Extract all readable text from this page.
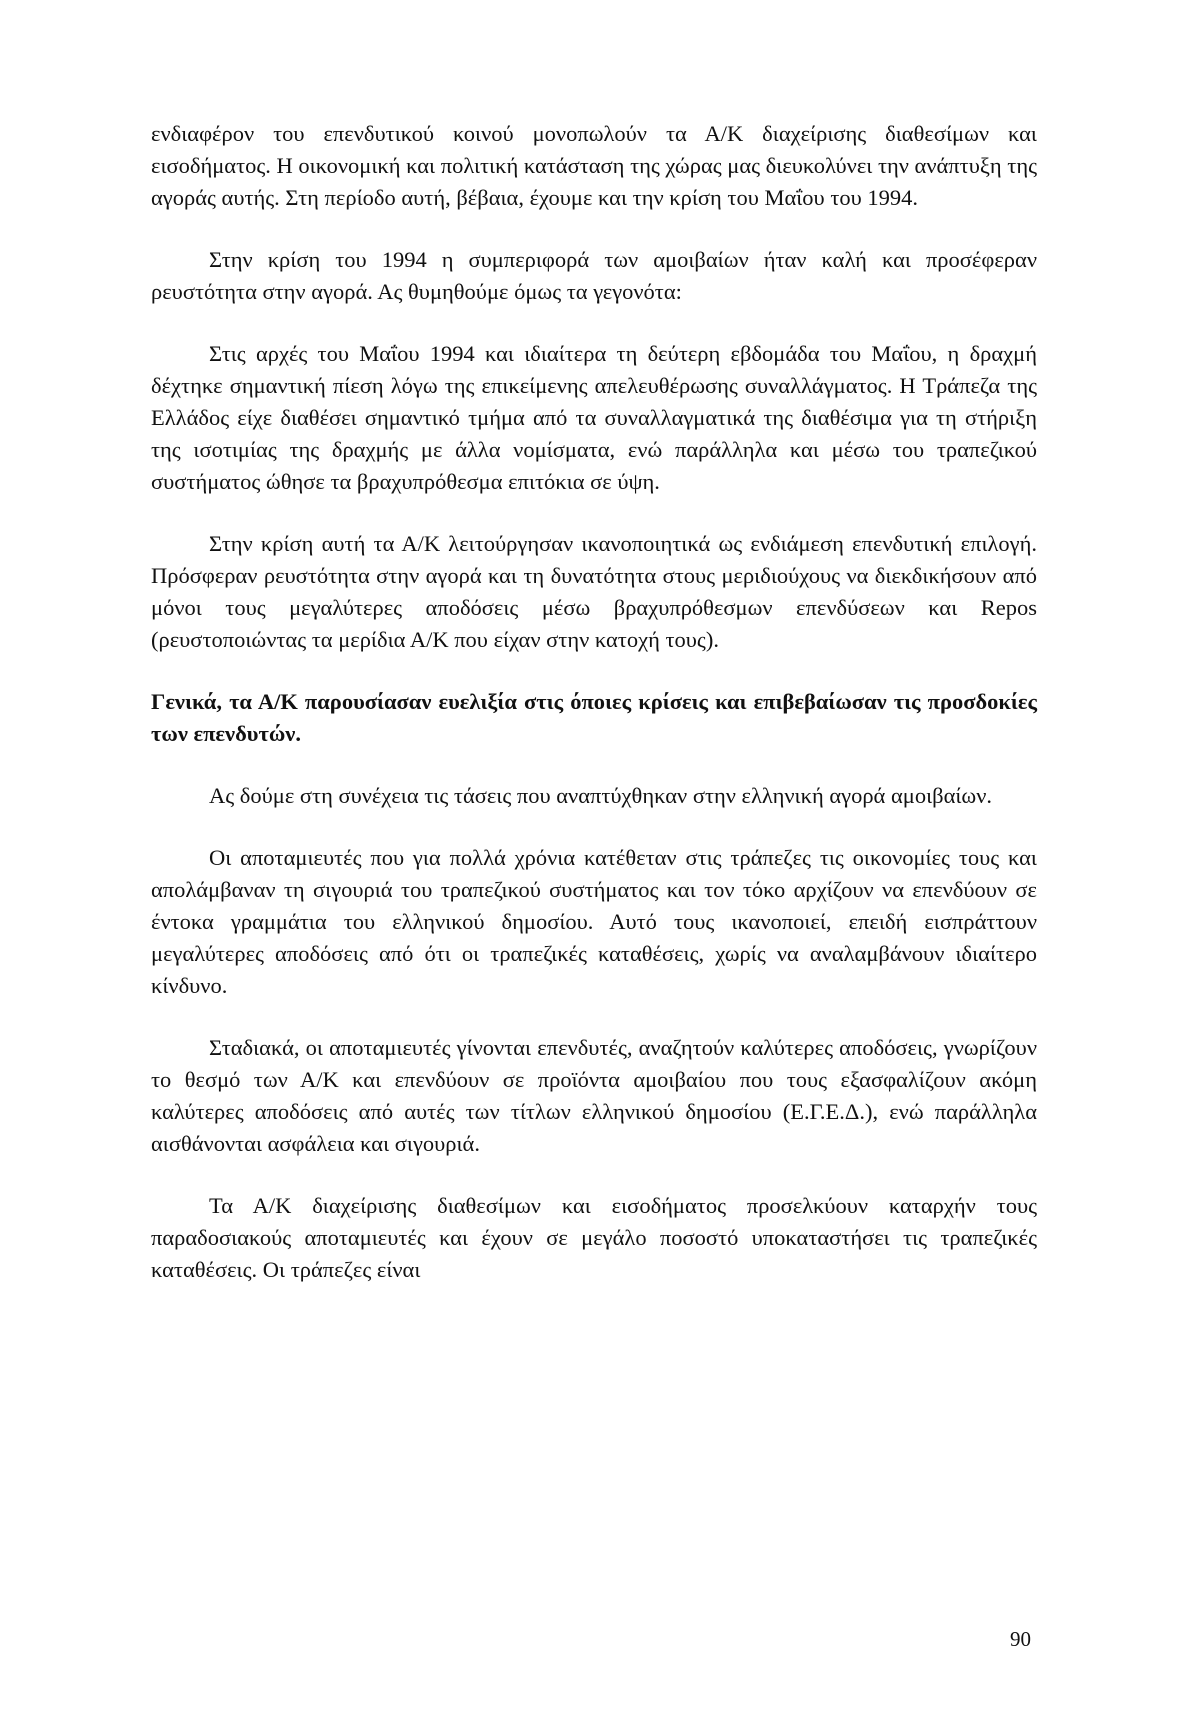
ενδιαφέρον του επενδυτικού κοινού μονοπωλούν τα Α/Κ διαχείρισης διαθεσίμων και εισοδήματος. Η οικονομική και πολιτική κατάσταση της χώρας μας διευκολύνει την ανάπτυξη της αγοράς αυτής. Στη περίοδο αυτή, βέβαια, έχουμε και την κρίση του Μαΐου του 1994.

Στην κρίση του 1994 η συμπεριφορά των αμοιβαίων ήταν καλή και προσέφεραν ρευστότητα στην αγορά. Ας θυμηθούμε όμως τα γεγονότα:

Στις αρχές του Μαΐου 1994 και ιδιαίτερα τη δεύτερη εβδομάδα του Μαΐου, η δραχμή δέχτηκε σημαντική πίεση λόγω της επικείμενης απελευθέρωσης συναλλάγματος. Η Τράπεζα της Ελλάδος είχε διαθέσει σημαντικό τμήμα από τα συναλλαγματικά της διαθέσιμα για τη στήριξη της ισοτιμίας της δραχμής με άλλα νομίσματα, ενώ παράλληλα και μέσω του τραπεζικού συστήματος ώθησε τα βραχυπρόθεσμα επιτόκια σε ύψη.

Στην κρίση αυτή τα Α/Κ λειτούργησαν ικανοποιητικά ως ενδιάμεση επενδυτική επιλογή. Πρόσφεραν ρευστότητα στην αγορά και τη δυνατότητα στους μεριδιούχους να διεκδικήσουν από μόνοι τους μεγαλύτερες αποδόσεις μέσω βραχυπρόθεσμων επενδύσεων και Repos (ρευστοποιώντας τα μερίδια Α/Κ που είχαν στην κατοχή τους).

Γενικά, τα Α/Κ παρουσίασαν ευελιξία στις όποιες κρίσεις και επιβεβαίωσαν τις προσδοκίες των επενδυτών.

Ας δούμε στη συνέχεια τις τάσεις που αναπτύχθηκαν στην ελληνική αγορά αμοιβαίων.

Οι αποταμιευτές που για πολλά χρόνια κατέθεταν στις τράπεζες τις οικονομίες τους και απολάμβαναν τη σιγουριά του τραπεζικού συστήματος και τον τόκο αρχίζουν να επενδύουν σε έντοκα γραμμάτια του ελληνικού δημοσίου. Αυτό τους ικανοποιεί, επειδή εισπράττουν μεγαλύτερες αποδόσεις από ότι οι τραπεζικές καταθέσεις, χωρίς να αναλαμβάνουν ιδιαίτερο κίνδυνο.

Σταδιακά, οι αποταμιευτές γίνονται επενδυτές, αναζητούν καλύτερες αποδόσεις, γνωρίζουν το θεσμό των Α/Κ και επενδύουν σε προϊόντα αμοιβαίου που τους εξασφαλίζουν ακόμη καλύτερες αποδόσεις από αυτές των τίτλων ελληνικού δημοσίου (Ε.Γ.Ε.Δ.), ενώ παράλληλα αισθάνονται ασφάλεια και σιγουριά.

Τα Α/Κ διαχείρισης διαθεσίμων και εισοδήματος προσελκύουν καταρχήν τους παραδοσιακούς αποταμιευτές και έχουν σε μεγάλο ποσοστό υποκαταστήσει τις τραπεζικές καταθέσεις. Οι τράπεζες είναι

90
